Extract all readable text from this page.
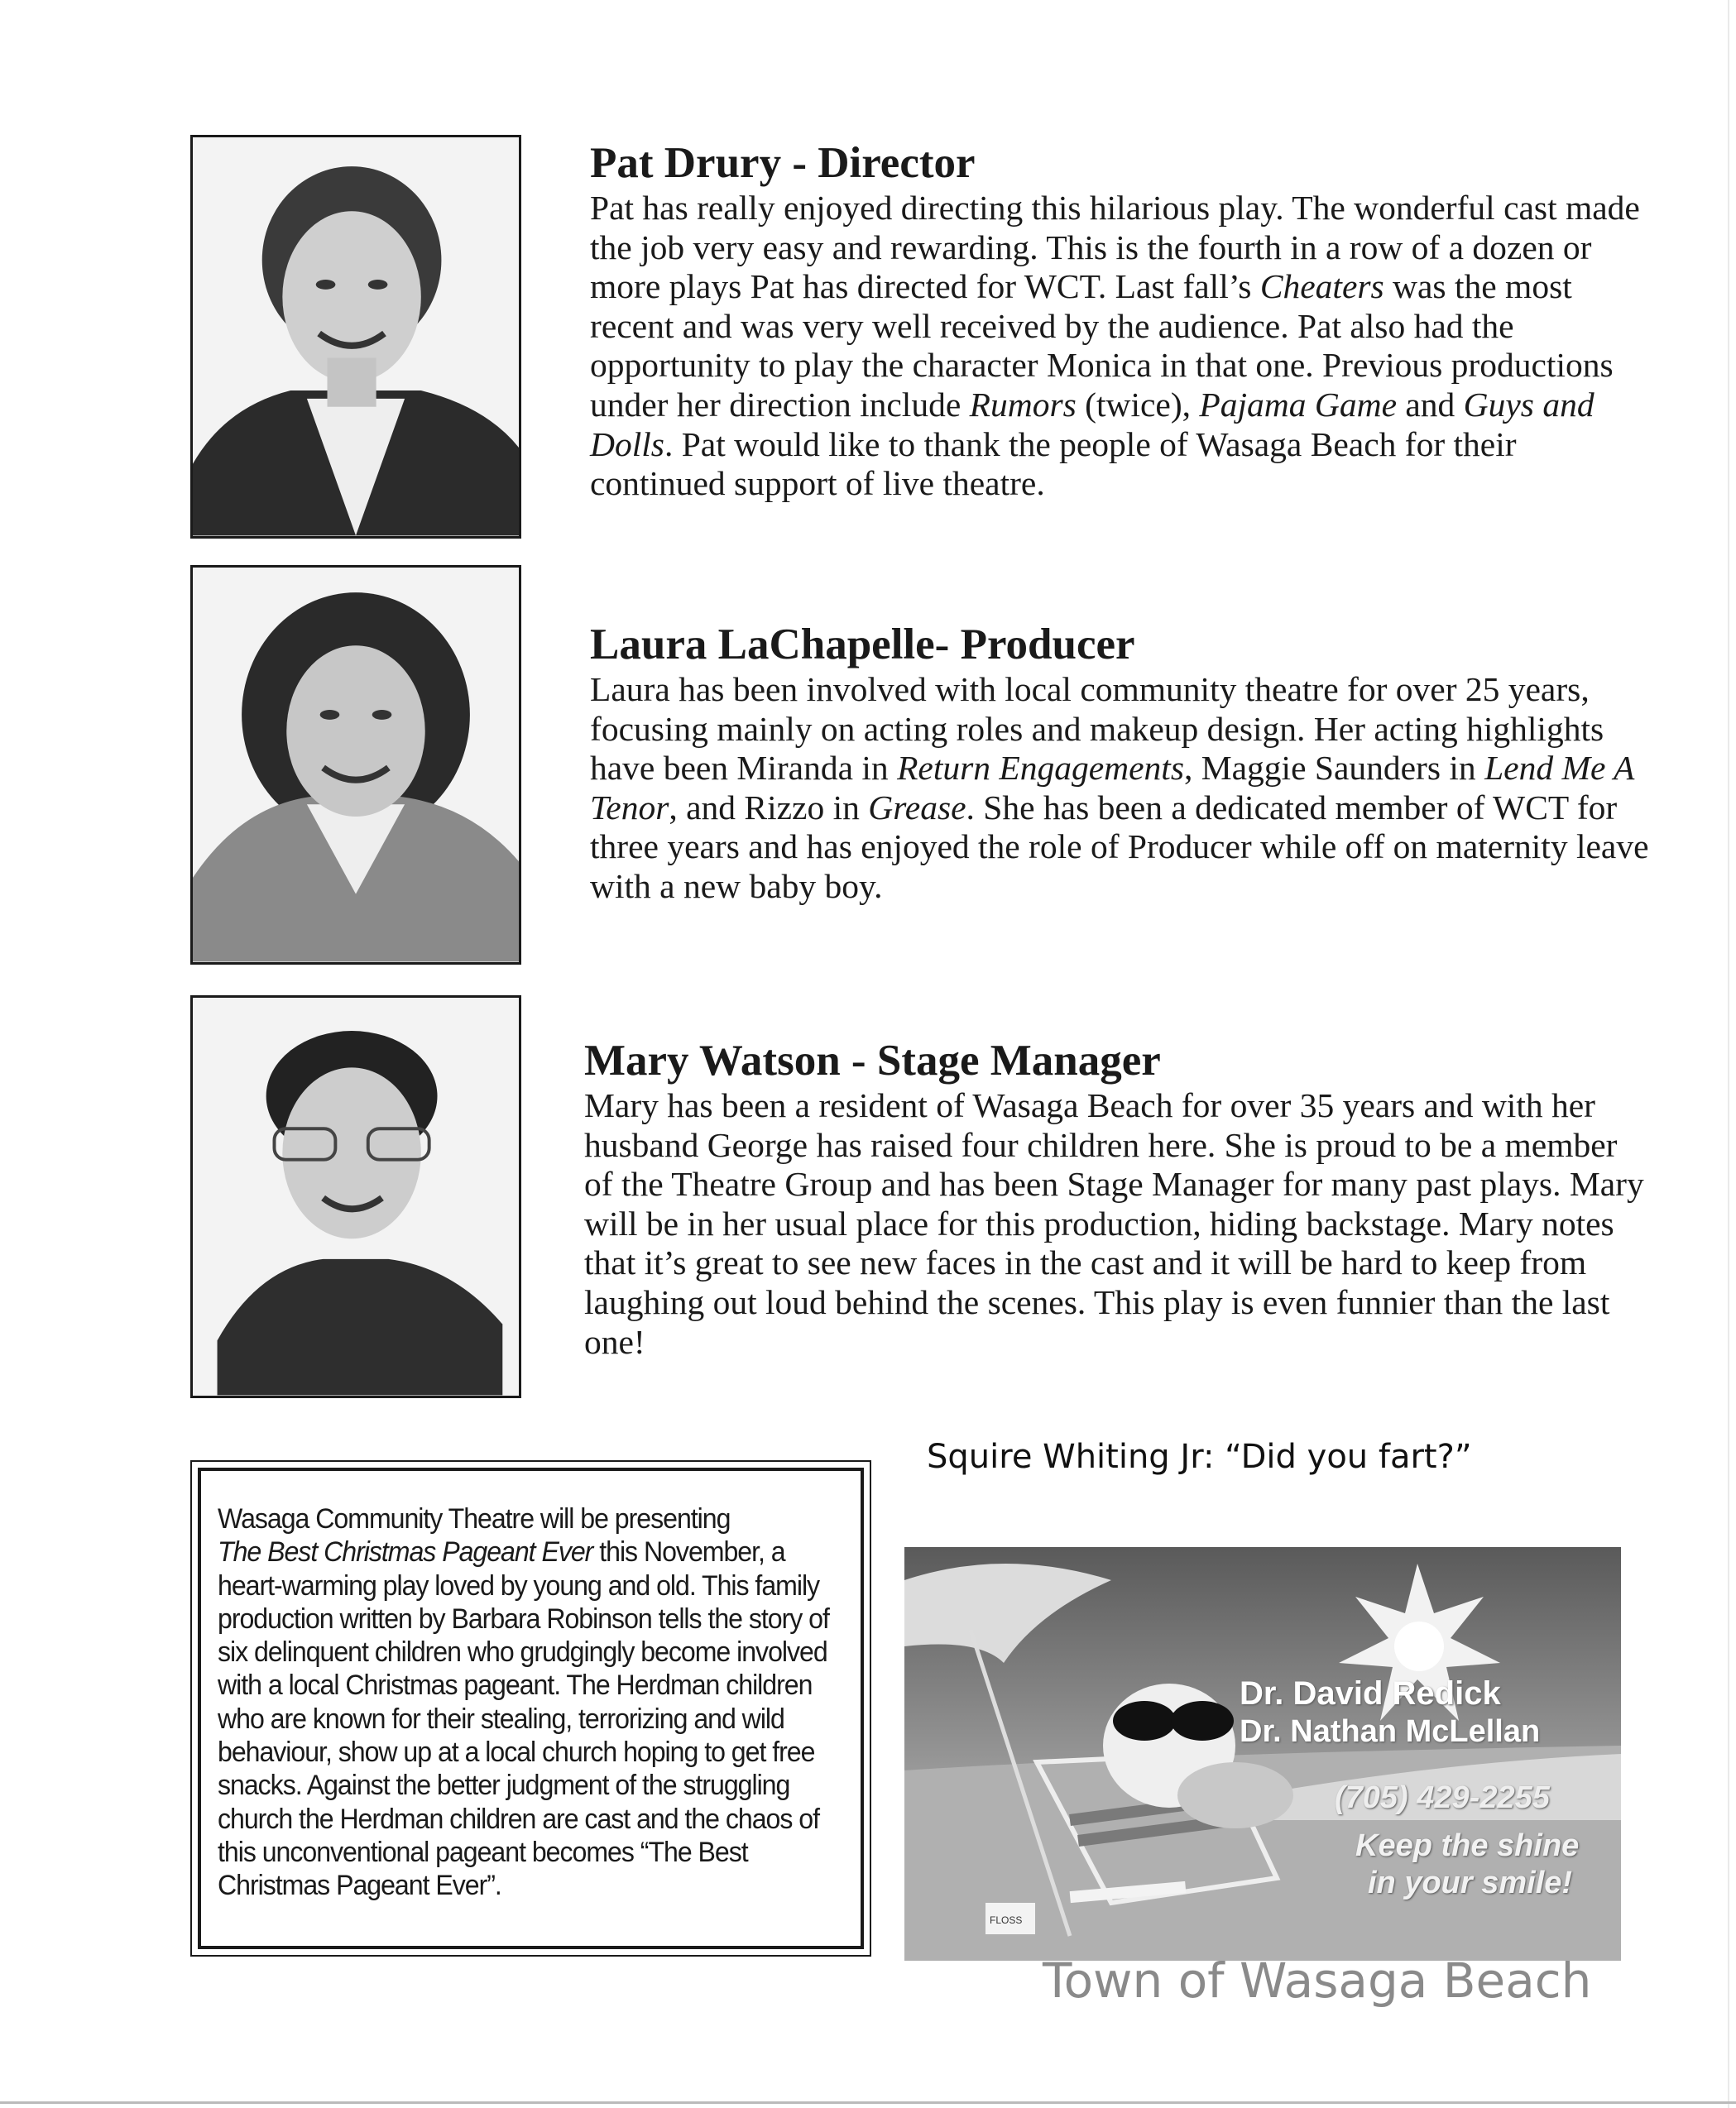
Pat Drury - Director

Pat has really enjoyed directing this hilarious play. The wonderful cast made the job very easy and rewarding. This is the fourth in a row of a dozen or more plays Pat has directed for WCT. Last fall’s Cheaters was the most recent and was very well received by the audience. Pat also had the opportunity to play the character Monica in that one. Previous productions under her direction include Rumors (twice), Pajama Game and Guys and Dolls. Pat would like to thank the people of Wasaga Beach for their continued support of live theatre.

Laura LaChapelle- Producer

Laura has been involved with local community theatre for over 25 years, focusing mainly on acting roles and makeup design. Her acting highlights have been Miranda in Return Engagements, Maggie Saunders in Lend Me A Tenor, and Rizzo in Grease. She has been a dedicated member of WCT for three years and has enjoyed the role of Producer while off on maternity leave with a new baby boy.

Mary Watson - Stage Manager

Mary has been a resident of Wasaga Beach for over 35 years and with her husband George has raised four children here. She is proud to be a member of the Theatre Group and has been Stage Manager for many past plays. Mary will be in her usual place for this production, hiding backstage. Mary notes that it’s great to see new faces in the cast and it will be hard to keep from laughing out loud behind the scenes. This play is even funnier than the last one!

Wasaga Community Theatre will be presenting
The Best Christmas Pageant Ever this November, a heart-warming play loved by young and old. This family production written by Barbara Robinson tells the story of six delinquent children who grudgingly become involved with a local Christmas pageant. The Herdman children who are known for their stealing, terrorizing and wild behaviour, show up at a local church hoping to get free snacks. Against the better judgment of the struggling church the Herdman children are cast and the chaos of this unconventional pageant becomes “The Best Christmas Pageant Ever”.

Squire Whiting Jr: “Did you fart?”
FLOSS
Dr. David Redick
Dr. Nathan McLellan
(705) 429-2255
Keep the shine
in your smile!
Town of Wasaga Beach
